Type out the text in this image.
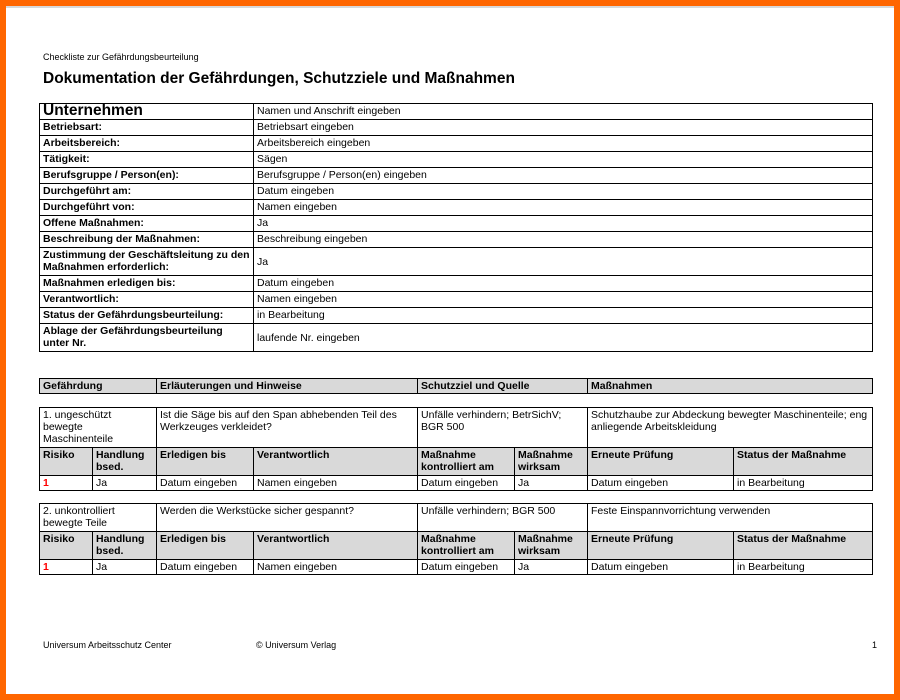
Checkliste zur Gefährdungsbeurteilung
Dokumentation der Gefährdungen, Schutzziele und Maßnahmen
Unternehmen	Namen und Anschrift eingeben
Betriebsart:	Betriebsart eingeben
Arbeitsbereich:	Arbeitsbereich eingeben
Tätigkeit:	Sägen
Berufsgruppe / Person(en):	Berufsgruppe / Person(en) eingeben
Durchgeführt am:	Datum eingeben
Durchgeführt von:	Namen eingeben
Offene Maßnahmen:	Ja
Beschreibung der Maßnahmen:	Beschreibung eingeben
Zustimmung der Geschäftsleitung zu den Maßnahmen erforderlich:	Ja
Maßnahmen erledigen bis:	Datum eingeben
Verantwortlich:	Namen eingeben
Status der Gefährdungsbeurteilung:	in Bearbeitung
Ablage der Gefährdungsbeurteilung unter Nr.	laufende Nr. eingeben
Gefährdung	Erläuterungen und Hinweise	Schutzziel und Quelle	Maßnahmen
1. ungeschützt bewegte Maschinenteile		Ist die Säge bis auf den Span abhebenden Teil des Werkzeuges verkleidet?		Unfälle verhindern; BetrSichV; BGR 500		Schutzhaube zur Abdeckung bewegter Maschinenteile; eng anliegende Arbeitskleidung	
Risiko	Handlung bsed.	Erledigen bis	Verantwortlich	Maßnahme kontrolliert am	Maßnahme wirksam	Erneute Prüfung	Status der Maßnahme
1	Ja	Datum eingeben	Namen eingeben	Datum eingeben	Ja	Datum eingeben	in Bearbeitung
2. unkontrolliert bewegte Teile		Werden die Werkstücke sicher gespannt?		Unfälle verhindern; BGR 500		Feste Einspannvorrichtung verwenden	
Risiko	Handlung bsed.	Erledigen bis	Verantwortlich	Maßnahme kontrolliert am	Maßnahme wirksam	Erneute Prüfung	Status der Maßnahme
1	Ja	Datum eingeben	Namen eingeben	Datum eingeben	Ja	Datum eingeben	in Bearbeitung
Universum Arbeitsschutz Center	© Universum Verlag	1
